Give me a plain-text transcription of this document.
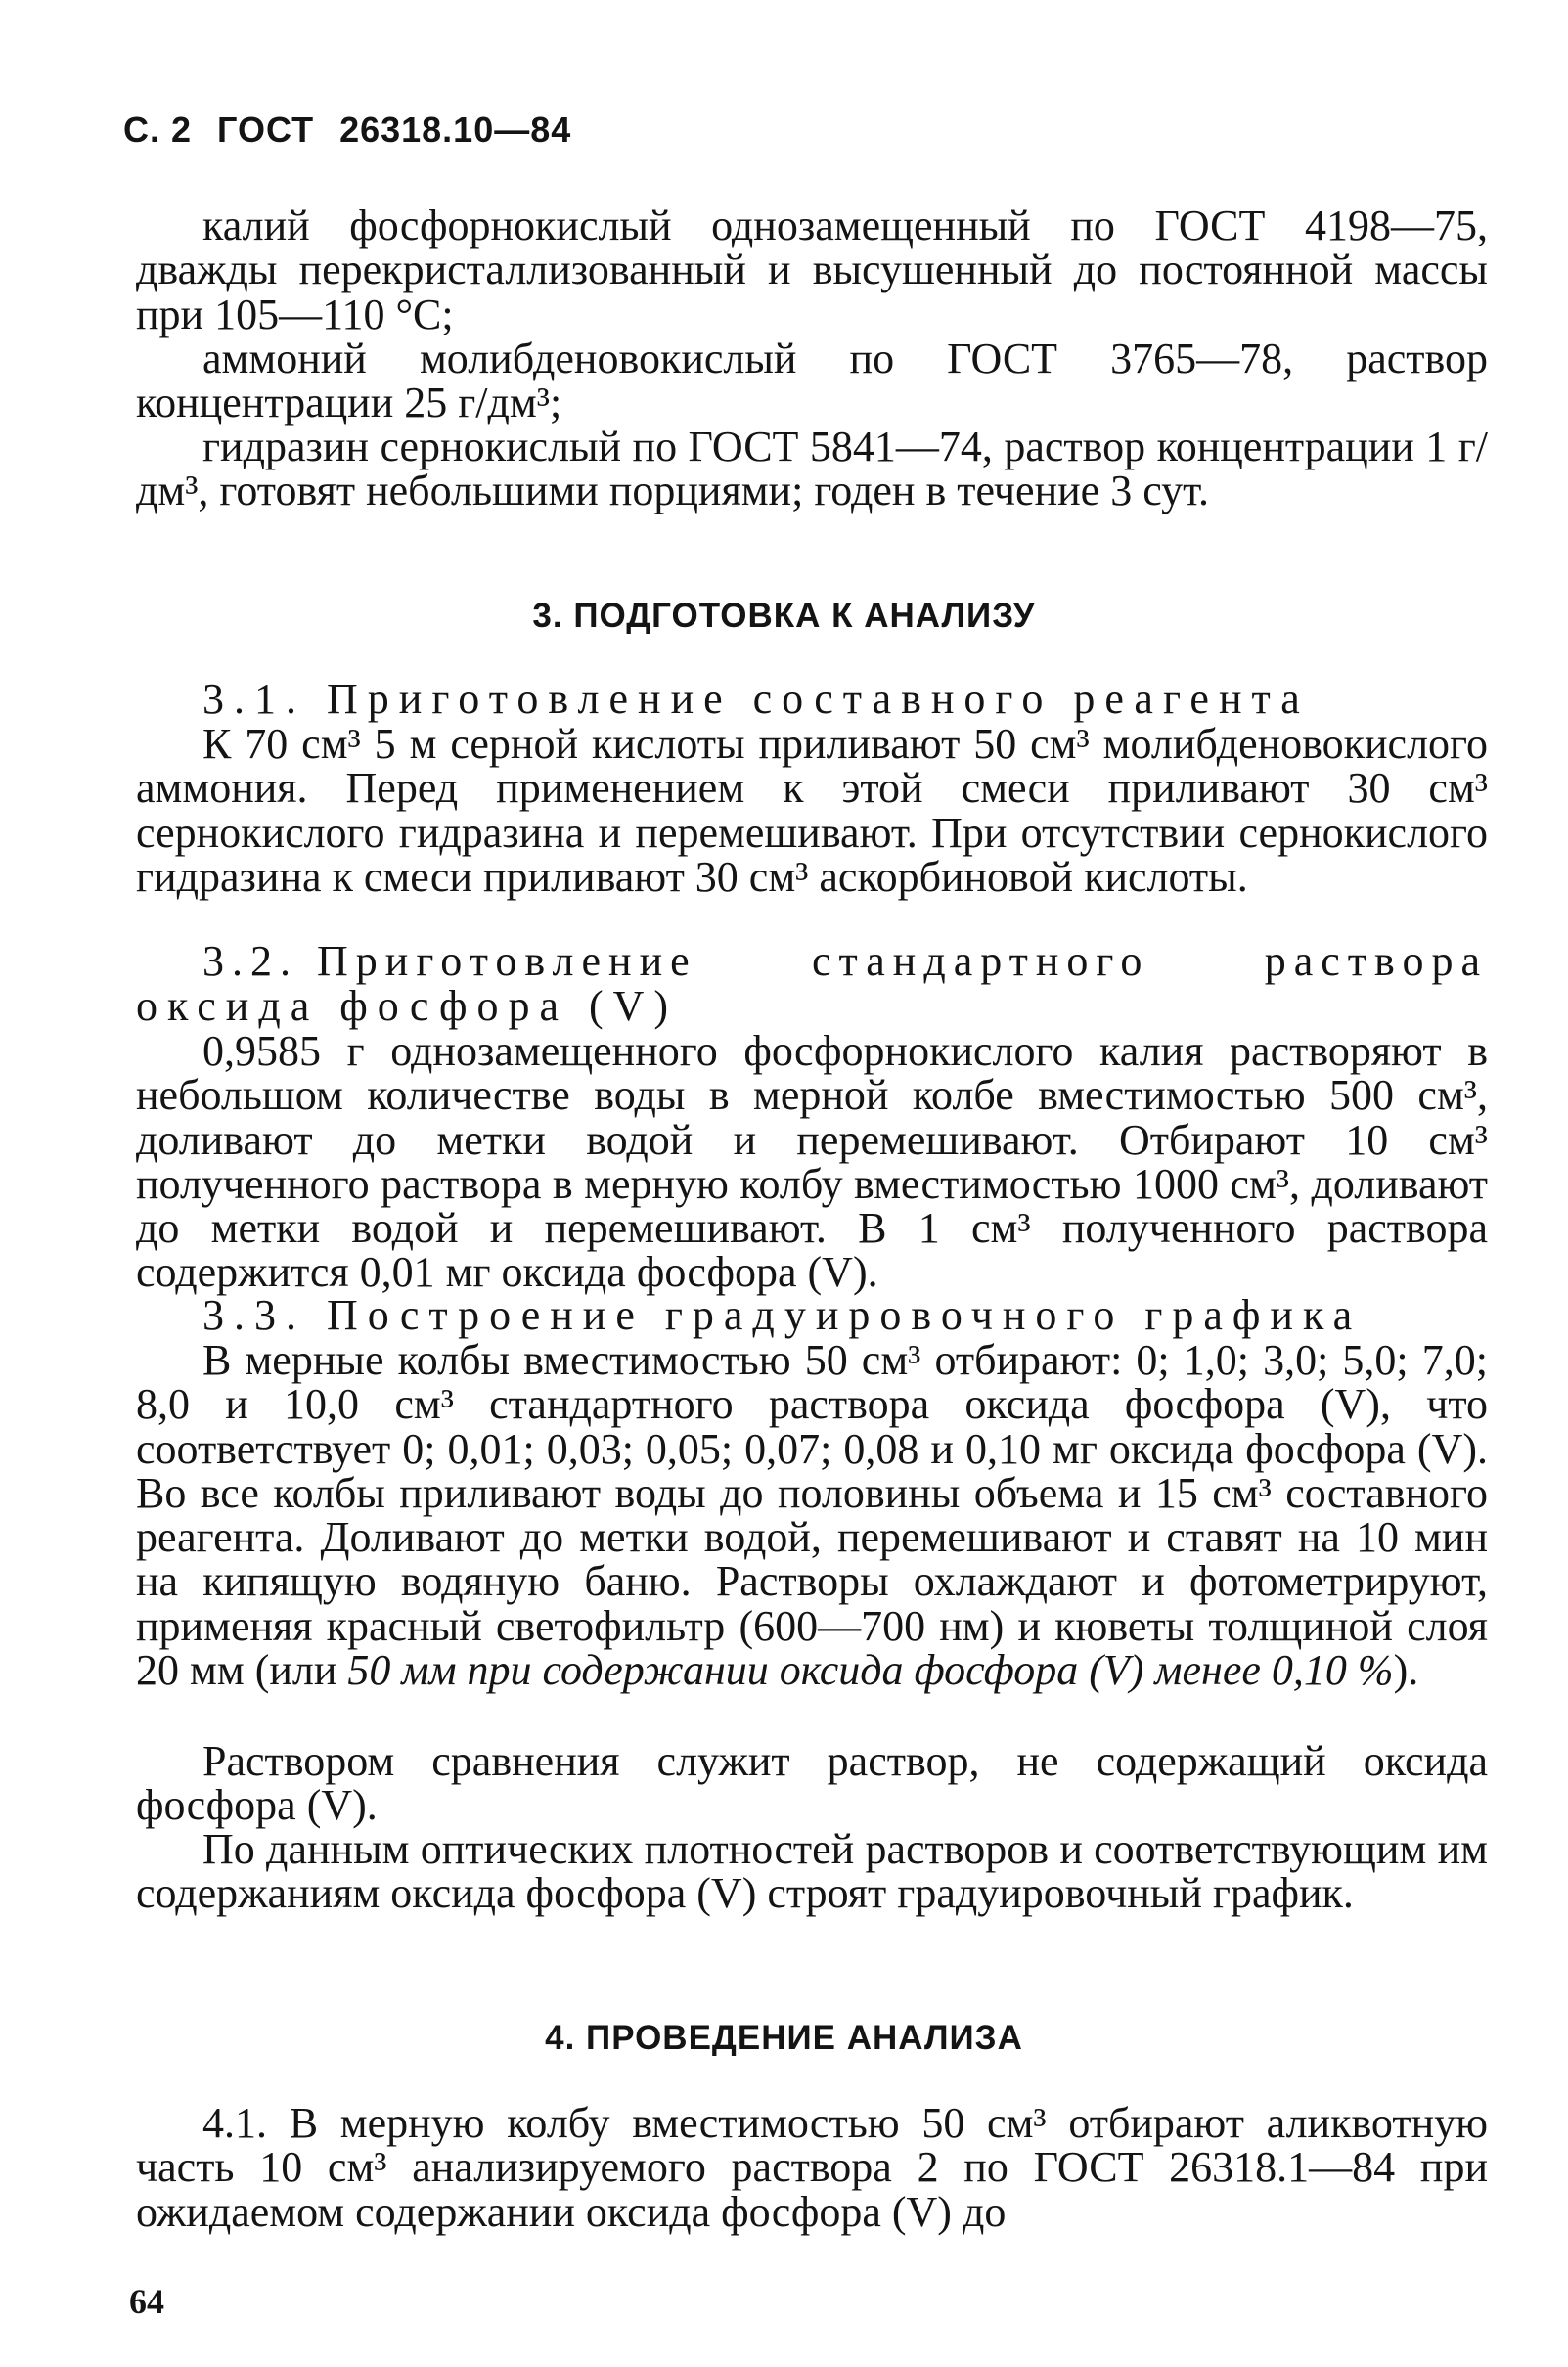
С. 2 ГОСТ 26318.10—84

калий фосфорнокислый однозамещенный по ГОСТ 4198—75, дважды перекристаллизованный и высушенный до постоянной массы при 105—110 °С;

аммоний молибденовокислый по ГОСТ 3765—78, раствор концентрации 25 г/дм³;

гидразин сернокислый по ГОСТ 5841—74, раствор концентрации 1 г/дм³, готовят небольшими порциями; годен в течение 3 сут.

3. ПОДГОТОВКА К АНАЛИЗУ

3.1. Приготовление составного реагента

К 70 см³ 5 м серной кислоты приливают 50 см³ молибденовокислого аммония. Перед применением к этой смеси приливают 30 см³ сернокислого гидразина и перемешивают. При отсутствии сернокислого гидразина к смеси приливают 30 см³ аскорбиновой кислоты.

3.2. Приготовление	стандартного	раствора
оксида фосфора (V)

0,9585 г однозамещенного фосфорнокислого калия растворяют в небольшом количестве воды в мерной колбе вместимостью 500 см³, доливают до метки водой и перемешивают. Отбирают 10 см³ полученного раствора в мерную колбу вместимостью 1000 см³, доливают до метки водой и перемешивают. В 1 см³ полученного раствора содержится 0,01 мг оксида фосфора (V).

3.3. Построение градуировочного графика

В мерные колбы вместимостью 50 см³ отбирают: 0; 1,0; 3,0; 5,0; 7,0; 8,0 и 10,0 см³ стандартного раствора оксида фосфора (V), что соответствует 0; 0,01; 0,03; 0,05; 0,07; 0,08 и 0,10 мг оксида фосфора (V). Во все колбы приливают воды до половины объема и 15 см³ составного реагента. Доливают до метки водой, перемешивают и ставят на 10 мин на кипящую водяную баню. Растворы охлаждают и фотометрируют, применяя красный светофильтр (600—700 нм) и кюветы толщиной слоя 20 мм (или 50 мм при содержании оксида фосфора (V) менее 0,10 %).

Раствором сравнения служит раствор, не содержащий оксида фосфора (V).

По данным оптических плотностей растворов и соответствующим им содержаниям оксида фосфора (V) строят градуировочный график.

4. ПРОВЕДЕНИЕ АНАЛИЗА

4.1. В мерную колбу вместимостью 50 см³ отбирают аликвотную часть 10 см³ анализируемого раствора 2 по ГОСТ 26318.1—84 при ожидаемом содержании оксида фосфора (V) до

64
